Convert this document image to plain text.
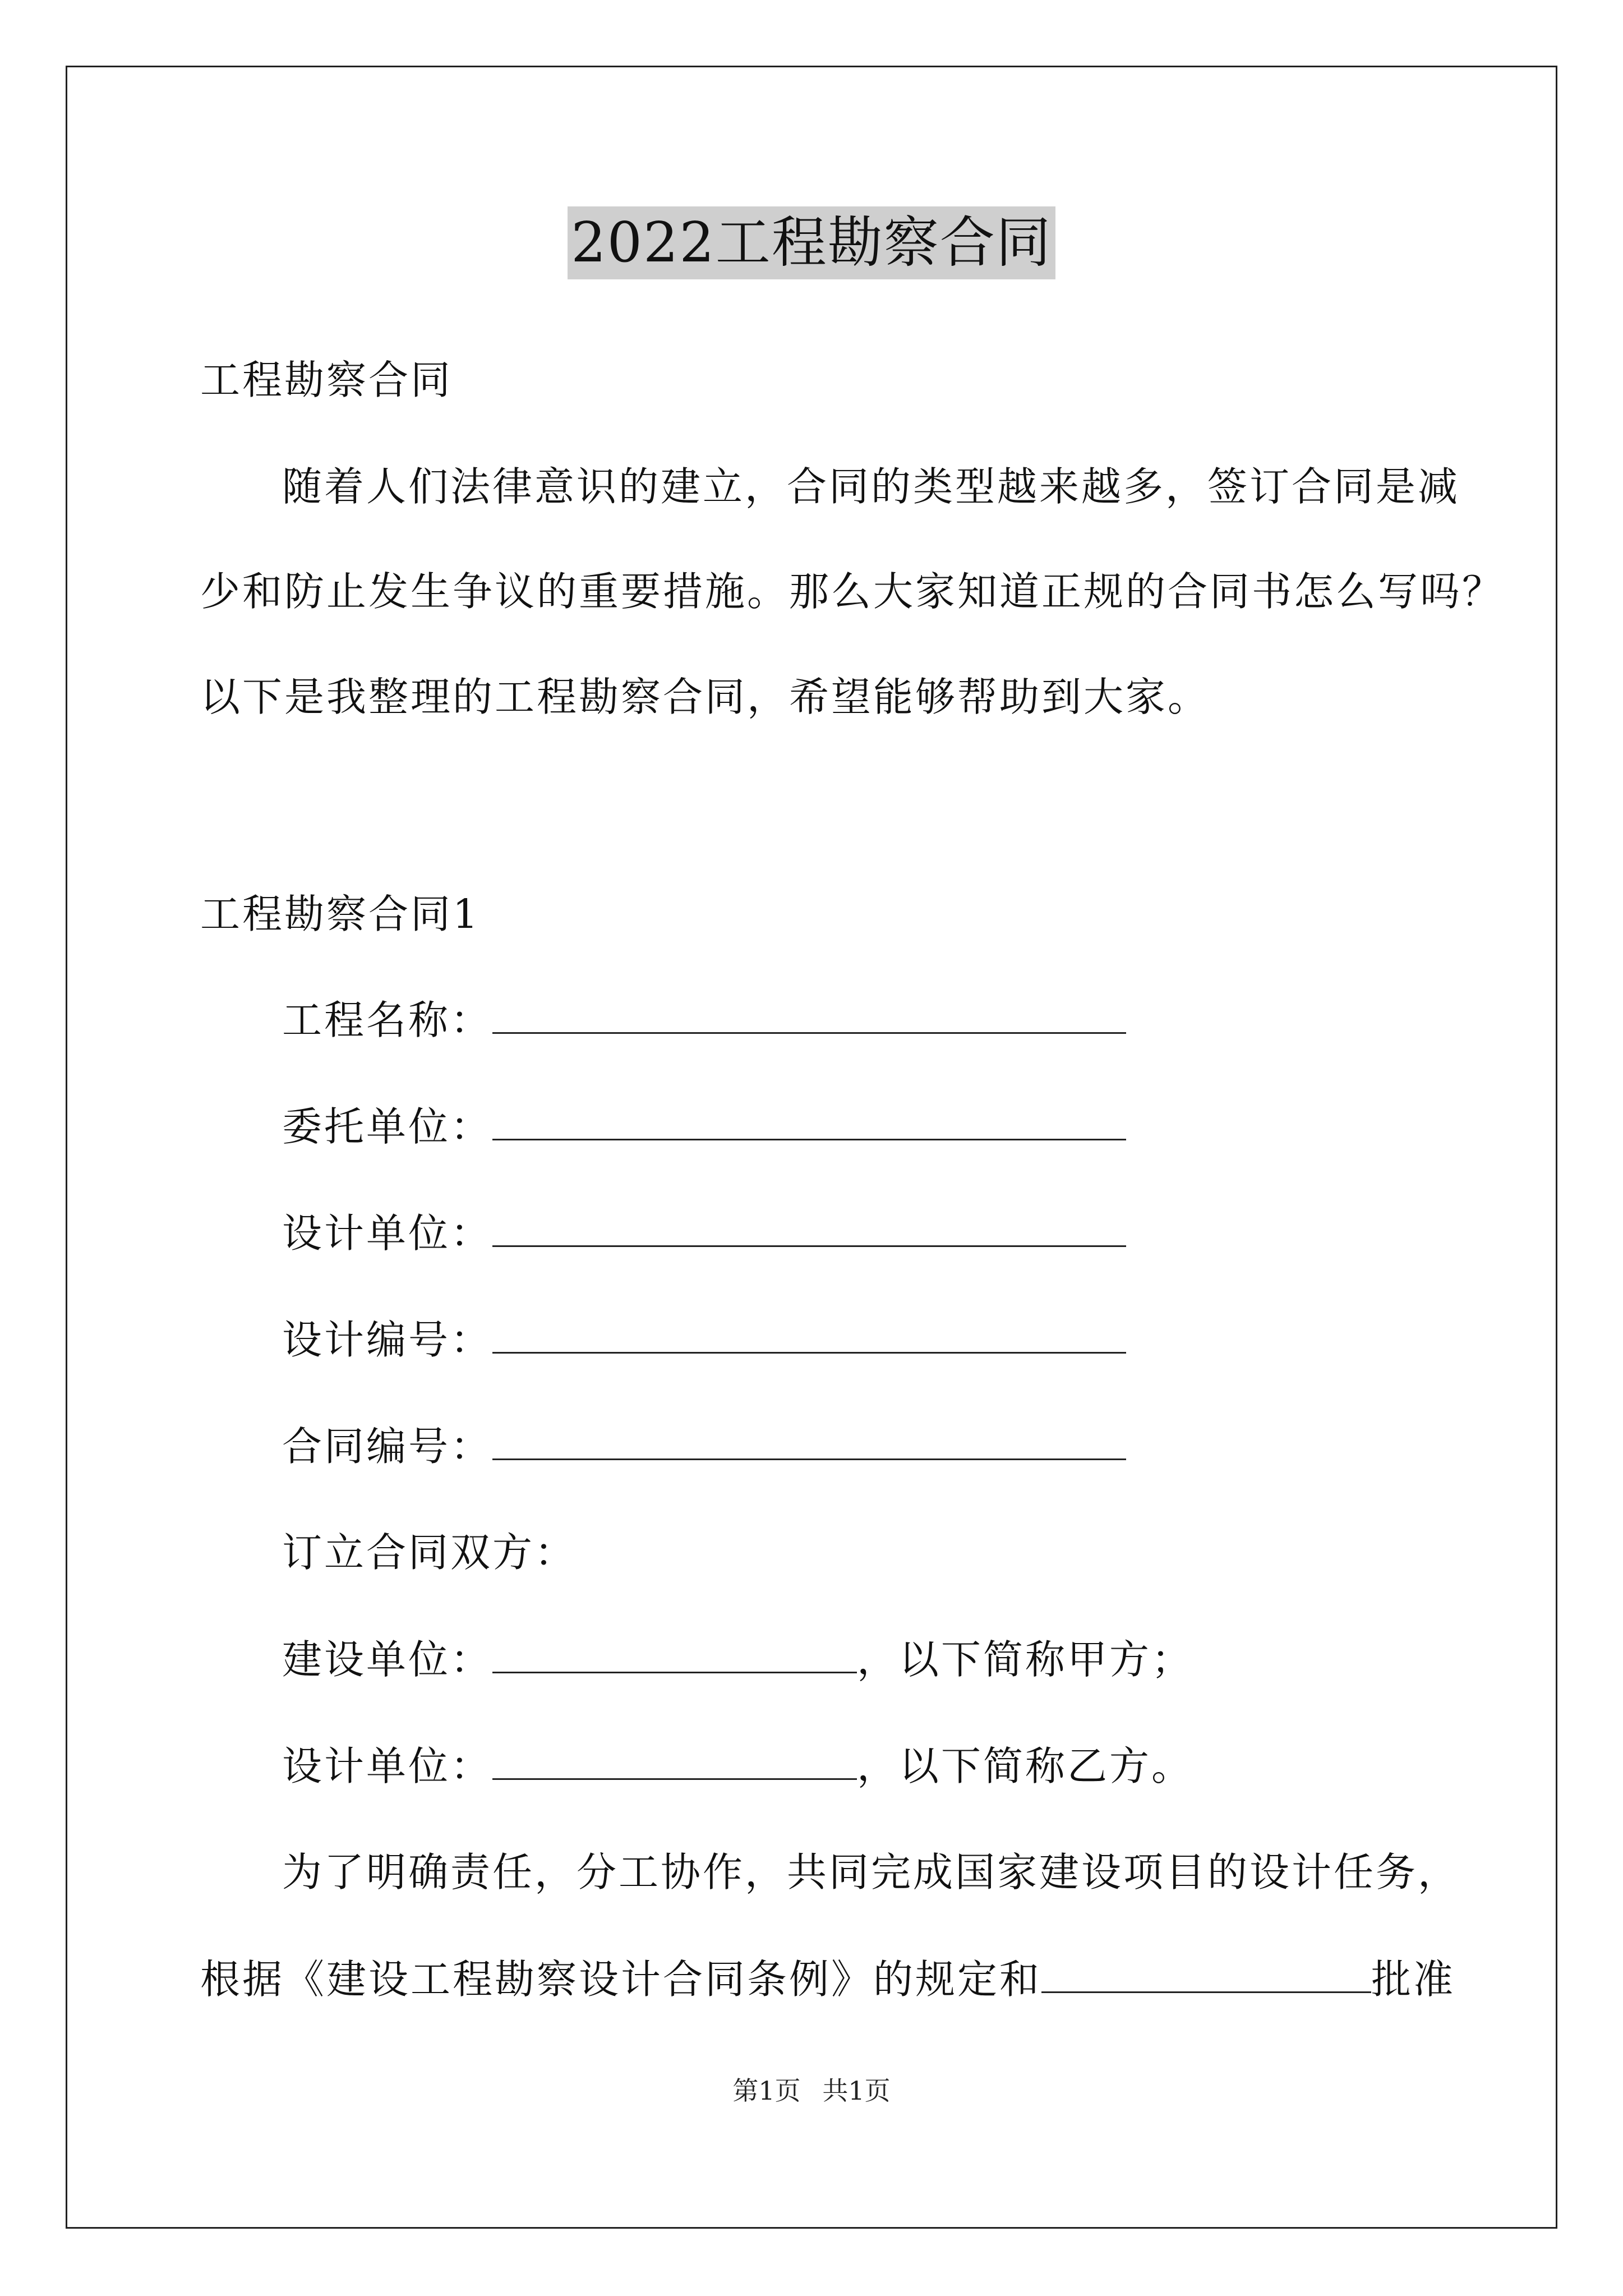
2022工程勘察合同
工程勘察合同
随着人们法律意识的建立，合同的类型越来越多，签订合同是减
少和防止发生争议的重要措施。那么大家知道正规的合同书怎么写吗？
以下是我整理的工程勘察合同，希望能够帮助到大家。
工程勘察合同1
工程名称：
委托单位：
设计单位：
设计编号：
合同编号：
订立合同双方：
建设单位：	，以下简称甲方；
设计单位：	，以下简称乙方。
为了明确责任，分工协作，共同完成国家建设项目的设计任务，
根据《建设工程勘察设计合同条例》的规定和	批准
第1页 共1页
